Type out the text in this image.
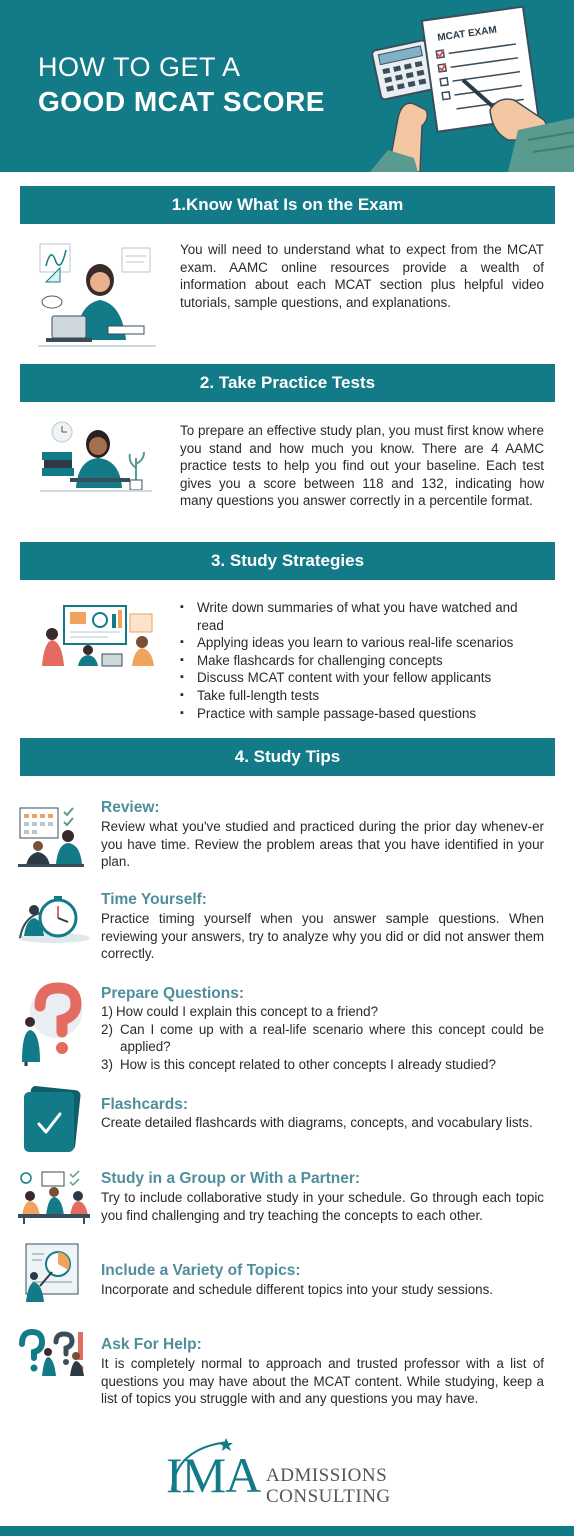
HOW TO GET A
GOOD MCAT SCORE
MCAT EXAM
1.Know What Is on the Exam
You will need to understand what to expect from the MCAT exam. AAMC online resources provide a wealth of information about each MCAT section plus helpful video tutorials, sample questions, and explanations.
2. Take Practice Tests
To prepare an effective study plan, you must first know where you stand and how much you know. There are 4 AAMC practice tests to help you find out your baseline. Each test gives you a score between 118 and 132, indicating how many questions you answer correctly in a percentile format.
3. Study Strategies
▪ Write down summaries of what you have watched and read
▪ Applying ideas you learn to various real-life scenarios
▪ Make flashcards for challenging concepts
▪ Discuss MCAT content with your fellow applicants
▪ Take full-length tests
▪ Practice with sample passage-based questions
4. Study Tips
Review:
Review what you've studied and practiced during the prior day whenev-er you have time. Review the problem areas that you have identified in your plan.
Time Yourself:
Practice timing yourself when you answer sample questions. When reviewing your answers, try to analyze why you did or did not answer them correctly.
Prepare Questions:
1) How could I explain this concept to a friend?
2) Can I come up with a real-life scenario where this concept could be applied?
3) How is this concept related to other concepts I already studied?
Flashcards:
Create detailed flashcards with diagrams, concepts, and vocabulary lists.
Study in a Group or With a Partner:
Try to include collaborative study in your schedule. Go through each topic you find challenging and try teaching the concepts to each other.
Include a Variety of Topics:
Incorporate and schedule different topics into your study sessions.
Ask For Help:
It is completely normal to approach and trusted professor with a list of questions you may have about the MCAT content. While studying, keep a list of topics you struggle with and any questions you may have.
IMA ADMISSIONS
CONSULTING
